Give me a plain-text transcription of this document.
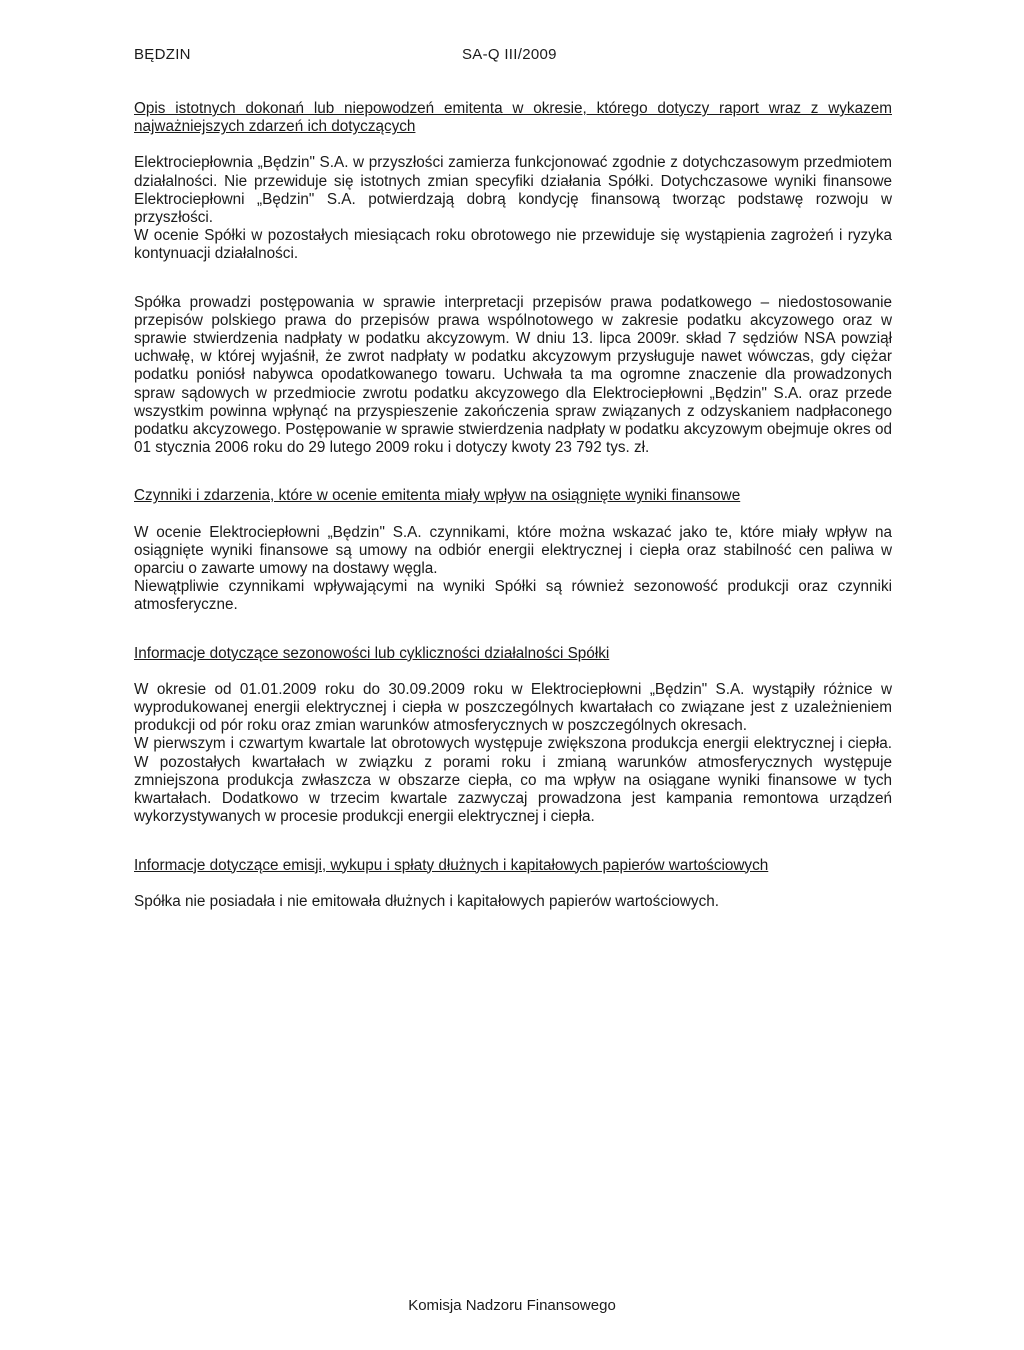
BĘDZIN	SA-Q III/2009

Opis istotnych dokonań lub niepowodzeń emitenta w okresie, którego dotyczy raport wraz z wykazem najważniejszych zdarzeń ich dotyczących

Elektrociepłownia „Będzin" S.A. w przyszłości zamierza funkcjonować zgodnie z dotychczasowym przedmiotem działalności. Nie przewiduje się istotnych zmian specyfiki działania Spółki. Dotychczasowe wyniki finansowe Elektrociepłowni „Będzin" S.A. potwierdzają dobrą kondycję finansową tworząc podstawę rozwoju w przyszłości.

W ocenie Spółki w pozostałych miesiącach roku obrotowego nie przewiduje się wystąpienia zagrożeń i ryzyka kontynuacji działalności.

Spółka prowadzi postępowania w sprawie interpretacji przepisów prawa podatkowego – niedostosowanie przepisów polskiego prawa do przepisów prawa wspólnotowego w zakresie podatku akcyzowego oraz w sprawie stwierdzenia nadpłaty w podatku akcyzowym. W dniu 13. lipca 2009r. skład 7 sędziów NSA powziął uchwałę, w której wyjaśnił, że zwrot nadpłaty w podatku akcyzowym przysługuje nawet wówczas, gdy ciężar podatku poniósł nabywca opodatkowanego towaru. Uchwała ta ma ogromne znaczenie dla prowadzonych spraw sądowych w przedmiocie zwrotu podatku akcyzowego dla Elektrociepłowni „Będzin" S.A. oraz przede wszystkim powinna wpłynąć na przyspieszenie zakończenia spraw związanych z odzyskaniem nadpłaconego podatku akcyzowego. Postępowanie w sprawie stwierdzenia nadpłaty w podatku akcyzowym obejmuje okres od 01 stycznia 2006 roku do 29 lutego 2009 roku i dotyczy kwoty 23 792 tys. zł.

Czynniki i zdarzenia, które w ocenie emitenta miały wpływ na osiągnięte wyniki finansowe

W ocenie Elektrociepłowni „Będzin" S.A. czynnikami, które można wskazać jako te, które miały wpływ na osiągnięte wyniki finansowe są umowy na odbiór energii elektrycznej i ciepła oraz stabilność cen paliwa w oparciu o zawarte umowy na dostawy węgla.

Niewątpliwie czynnikami wpływającymi na wyniki Spółki są również sezonowość produkcji oraz czynniki atmosferyczne.

Informacje dotyczące sezonowości lub cykliczności działalności Spółki

W okresie od 01.01.2009 roku do 30.09.2009 roku w Elektrociepłowni „Będzin" S.A. wystąpiły różnice w wyprodukowanej energii elektrycznej i ciepła w poszczególnych kwartałach co związane jest z uzależnieniem produkcji od pór roku oraz zmian warunków atmosferycznych w poszczególnych okresach.

W pierwszym i czwartym kwartale lat obrotowych występuje zwiększona produkcja energii elektrycznej i ciepła. W pozostałych kwartałach w związku z porami roku i zmianą warunków atmosferycznych występuje zmniejszona produkcja zwłaszcza w obszarze ciepła, co ma wpływ na osiągane wyniki finansowe w tych kwartałach. Dodatkowo w trzecim kwartale zazwyczaj prowadzona jest kampania remontowa urządzeń wykorzystywanych w procesie produkcji energii elektrycznej i ciepła.

Informacje dotyczące emisji, wykupu i spłaty dłużnych i kapitałowych papierów wartościowych

Spółka nie posiadała i nie emitowała dłużnych i kapitałowych papierów wartościowych.

Komisja Nadzoru Finansowego
